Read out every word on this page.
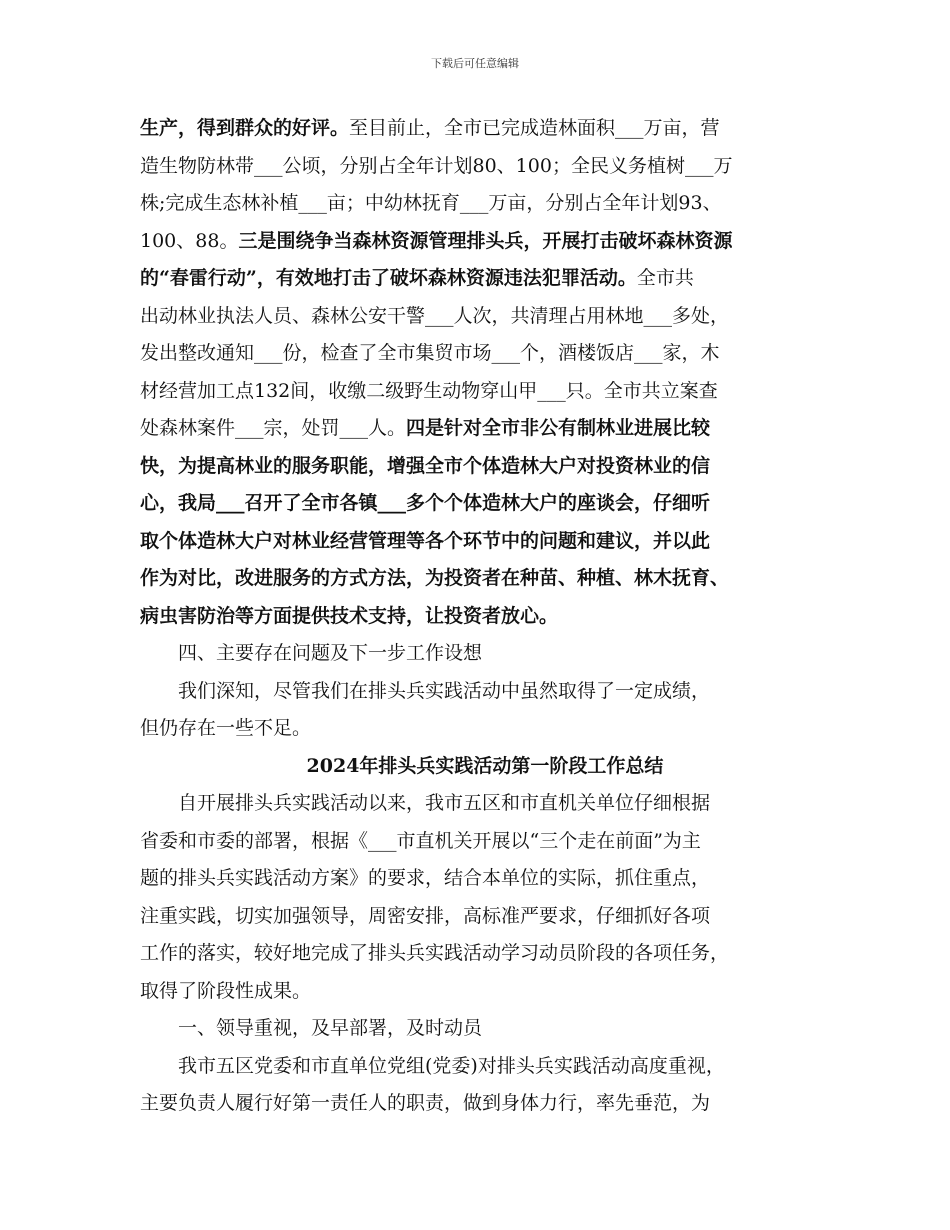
下载后可任意编辑
生产，得到群众的好评。至目前止，全市已完成造林面积___万亩，营
造生物防林带___公顷，分别占全年计划80、100；全民义务植树___万
株;完成生态林补植___亩；中幼林抚育___万亩，分别占全年计划93、
100、88。三是围绕争当森林资源管理排头兵，开展打击破坏森林资源
的“春雷行动”，有效地打击了破坏森林资源违法犯罪活动。全市共
出动林业执法人员、森林公安干警___人次，共清理占用林地___多处，
发出整改通知___份，检查了全市集贸市场___个，酒楼饭店___家，木
材经营加工点132间，收缴二级野生动物穿山甲___只。全市共立案查
处森林案件___宗，处罚___人。四是针对全市非公有制林业进展比较
快，为提高林业的服务职能，增强全市个体造林大户对投资林业的信
心，我局___召开了全市各镇___多个个体造林大户的座谈会，仔细听
取个体造林大户对林业经营管理等各个环节中的问题和建议，并以此
作为对比，改进服务的方式方法，为投资者在种苗、种植、林木抚育、
病虫害防治等方面提供技术支持，让投资者放心。
　　四、主要存在问题及下一步工作设想
　　我们深知，尽管我们在排头兵实践活动中虽然取得了一定成绩，
但仍存在一些不足。
2024年排头兵实践活动第一阶段工作总结
　　自开展排头兵实践活动以来，我市五区和市直机关单位仔细根据
省委和市委的部署，根据《___市直机关开展以“三个走在前面”为主
题的排头兵实践活动方案》的要求，结合本单位的实际，抓住重点，
注重实践，切实加强领导，周密安排，高标准严要求，仔细抓好各项
工作的落实，较好地完成了排头兵实践活动学习动员阶段的各项任务，
取得了阶段性成果。
　　一、领导重视，及早部署，及时动员
　　我市五区党委和市直单位党组(党委)对排头兵实践活动高度重视，
主要负责人履行好第一责任人的职责，做到身体力行，率先垂范，为
